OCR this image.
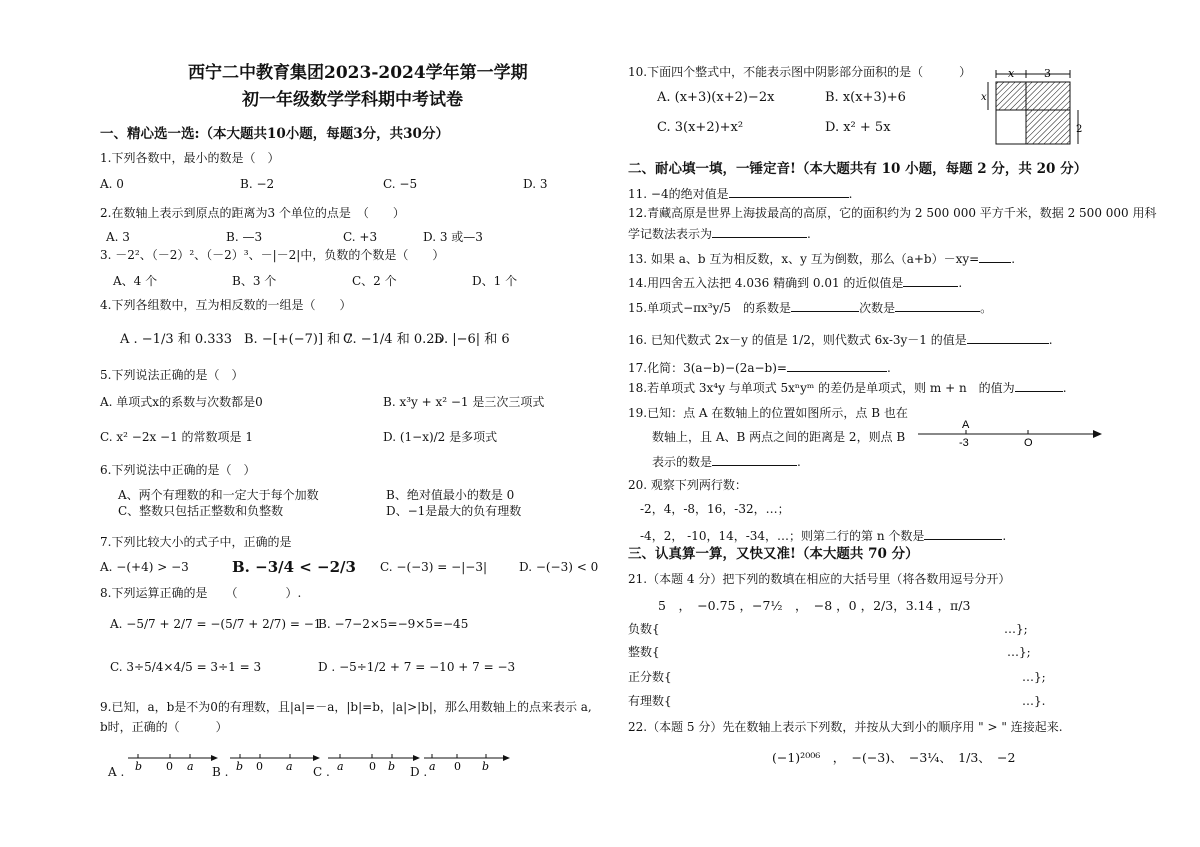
西宁二中教育集团2023-2024学年第一学期
初一年级数学学科期中考试卷
一、精心选一选:（本大题共10小题，每题3分，共30分）
1.下列各数中，最小的数是（　）
A. 0	B. −2	C. −5	D. 3
2.在数轴上表示到原点的距离为3 个单位的点是　（　　）
A. 3	B. —3	C. +3	D. 3 或—3
3. －2²、（－2）²、（－2）³、－|－2|中，负数的个数是（　　）
A、4 个	B、3 个	C、2 个	D、1 个
4.下列各组数中，互为相反数的一组是（　　）
A . −1/3 和 0.333 B. −[+(−7)] 和 7
C. −1/4 和 0.25
D. |−6| 和 6
5.下列说法正确的是（　）
A. 单项式x的系数与次数都是0	B. x³y + x² −1 是三次三项式
C. x² −2x −1 的常数项是 1	D. (1−x)/2 是多项式
6.下列说法中正确的是（　）
A、两个有理数的和一定大于每个加数	B、绝对值最小的数是 0
C、整数只包括正整数和负整数	D、−1是最大的负有理数
7.下列比较大小的式子中，正确的是
A. −(+4) > −3	B. −3/4 < −2/3 C. −(−3) = −|−3|	D. −(−3) < 0
8.下列运算正确的是　　（　　　　）.
A. −5/7 + 2/7 = −(5/7 + 2/7) = −1
B. −7−2×5=−9×5=−45
C. 3÷5/4×4/5 = 3÷1 = 3	D . −5÷1/2 + 7 = −10 + 7 = −3
9.已知，a，b是不为0的有理数，且|a|=－a，|b|=b，|a|>|b|，那么用数轴上的点来表示 a,
b时，正确的（　　　）
A . b 0 a B . b 0 a C . a 0 b D . a 0 b
10.下面四个整式中，不能表示图中阴影部分面积的是（　　　）
A. (x+3)(x+2)−2x	B. x(x+3)+6
C. 3(x+2)+x²	D. x² + 5x
x	3
x
2
二、耐心填一填，一锤定音!（本大题共有 10 小题，每题 2 分，共 20 分）
11. −4的绝对值是	.
12.青藏高原是世界上海拔最高的高原，它的面积约为 2 500 000 平方千米，数据 2 500 000 用科
学记数法表示为	.
13. 如果 a、b 互为相反数，x、y 互为倒数，那么（a+b）－xy=	.
14.用四舍五入法把 4.036 精确到 0.01 的近似值是	.
15.单项式−πx³y/5　的系数是	次数是	。
16. 已知代数式 2x－y 的值是 1/2，则代数式 6x-3y－1 的值是	.
17.化简：3(a−b)−(2a−b)=	.
18.若单项式 3x⁴y 与单项式 5xⁿyᵐ 的差仍是单项式，则 m + n　的值为	.
19.已知：点 A 在数轴上的位置如图所示，点 B 也在
数轴上，且 A、B 两点之间的距离是 2，则点 B
表示的数是	.
A
-3	O
20. 观察下列两行数：
-2，4，-8，16，-32，…；
-4，2， -10，14，-34，…；则第二行的第 n 个数是	.
三、认真算一算，又快又准!（本大题共 70 分）
21.（本题 4 分）把下列的数填在相应的大括号里（将各数用逗号分开）
5　，　−0.75 ，−7½　，　−8 ，0 ，2/3，3.14 ，π/3
负数{	…};
整数{	…};
正分数{	…};
有理数{	…}.
22.（本题 5 分）先在数轴上表示下列数，并按从大到小的顺序用 " > " 连接起来.
(−1)²⁰⁰⁶　，　−(−3)、　−3¼、　1/3、　−2
